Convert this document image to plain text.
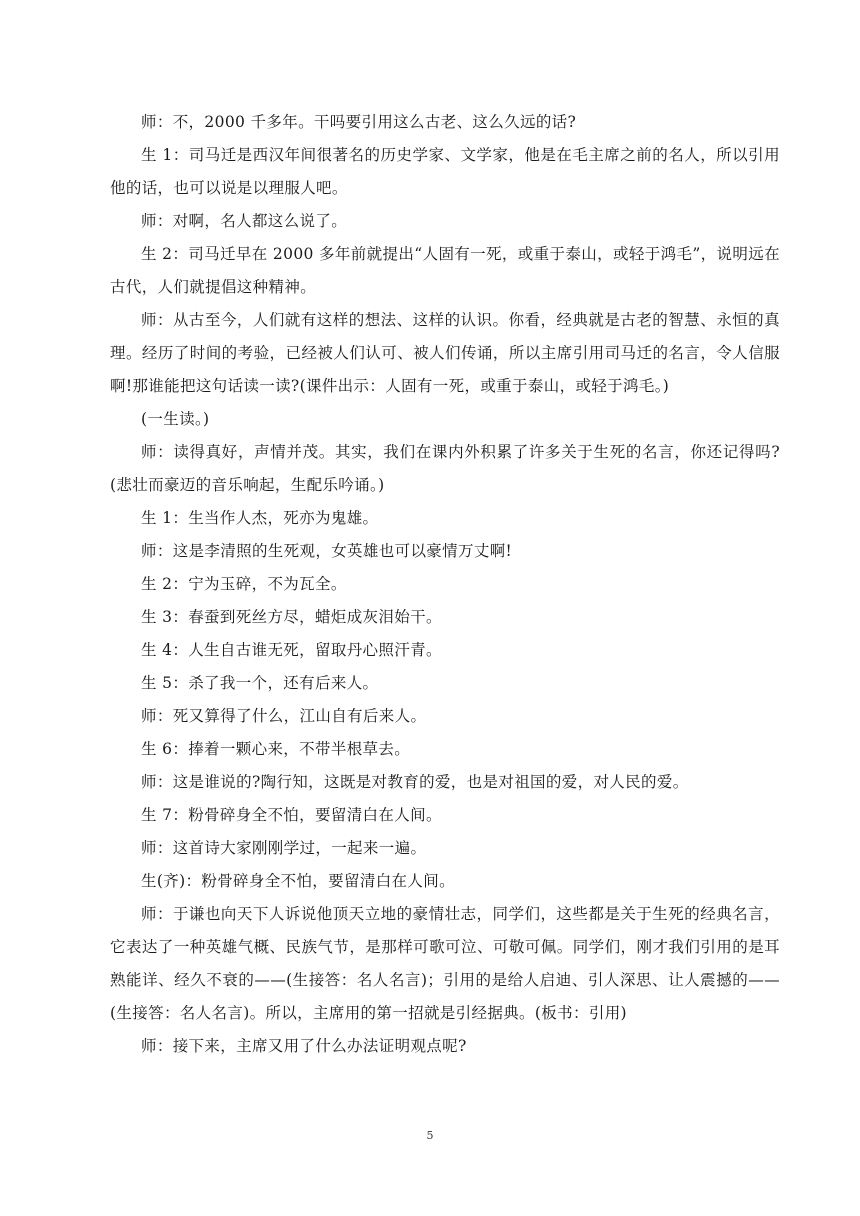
师：不，2000 千多年。干吗要引用这么古老、这么久远的话?

生 1：司马迁是西汉年间很著名的历史学家、文学家，他是在毛主席之前的名人，所以引用他的话，也可以说是以理服人吧。

师：对啊，名人都这么说了。

生 2：司马迁早在 2000 多年前就提出“人固有一死，或重于泰山，或轻于鸿毛”，说明远在古代，人们就提倡这种精神。

师：从古至今，人们就有这样的想法、这样的认识。你看，经典就是古老的智慧、永恒的真理。经历了时间的考验，已经被人们认可、被人们传诵，所以主席引用司马迁的名言，令人信服啊!那谁能把这句话读一读?(课件出示：人固有一死，或重于泰山，或轻于鸿毛。)

(一生读。)

师：读得真好，声情并茂。其实，我们在课内外积累了许多关于生死的名言，你还记得吗?(悲壮而豪迈的音乐响起，生配乐吟诵。)

生 1：生当作人杰，死亦为鬼雄。

师：这是李清照的生死观，女英雄也可以豪情万丈啊!

生 2：宁为玉碎，不为瓦全。

生 3：春蚕到死丝方尽，蜡炬成灰泪始干。

生 4：人生自古谁无死，留取丹心照汗青。

生 5：杀了我一个，还有后来人。

师：死又算得了什么，江山自有后来人。

生 6：捧着一颗心来，不带半根草去。

师：这是谁说的?陶行知，这既是对教育的爱，也是对祖国的爱，对人民的爱。

生 7：粉骨碎身全不怕，要留清白在人间。

师：这首诗大家刚刚学过，一起来一遍。

生(齐)：粉骨碎身全不怕，要留清白在人间。

师：于谦也向天下人诉说他顶天立地的豪情壮志，同学们，这些都是关于生死的经典名言，它表达了一种英雄气概、民族气节，是那样可歌可泣、可敬可佩。同学们，刚才我们引用的是耳熟能详、经久不衰的——(生接答：名人名言)；引用的是给人启迪、引人深思、让人震撼的——(生接答：名人名言)。所以，主席用的第一招就是引经据典。(板书：引用)

师：接下来，主席又用了什么办法证明观点呢?

5
